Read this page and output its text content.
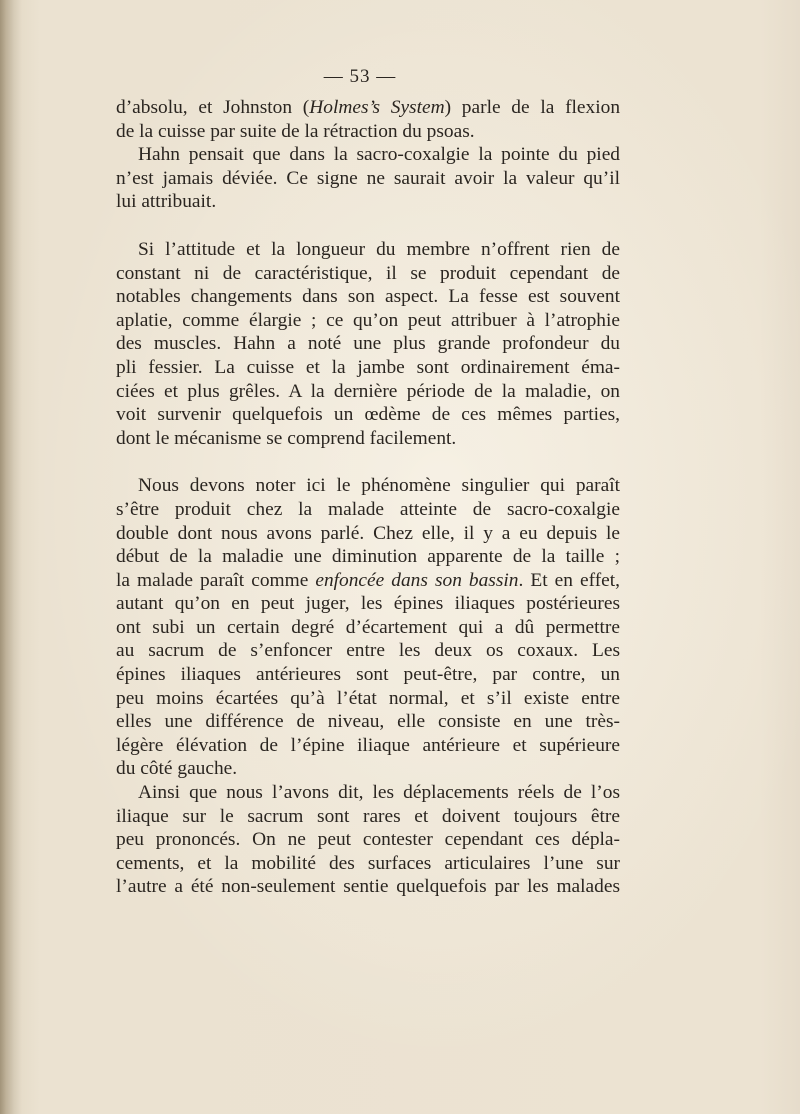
— 53 —
d’absolu, et Johnston (Holmes’s System) parle de la flexion
de la cuisse par suite de la rétraction du psoas.
Hahn pensait que dans la sacro-coxalgie la pointe du pied
n’est jamais déviée. Ce signe ne saurait avoir la valeur qu’il
lui attribuait.
Si l’attitude et la longueur du membre n’offrent rien de
constant ni de caractéristique, il se produit cependant de
notables changements dans son aspect. La fesse est souvent
aplatie, comme élargie ; ce qu’on peut attribuer à l’atrophie
des muscles. Hahn a noté une plus grande profondeur du
pli fessier. La cuisse et la jambe sont ordinairement éma-
ciées et plus grêles. A la dernière période de la maladie, on
voit survenir quelquefois un œdème de ces mêmes parties,
dont le mécanisme se comprend facilement.
Nous devons noter ici le phénomène singulier qui paraît
s’être produit chez la malade atteinte de sacro-coxalgie
double dont nous avons parlé. Chez elle, il y a eu depuis le
début de la maladie une diminution apparente de la taille ;
la malade paraît comme enfoncée dans son bassin. Et en effet,
autant qu’on en peut juger, les épines iliaques postérieures
ont subi un certain degré d’écartement qui a dû permettre
au sacrum de s’enfoncer entre les deux os coxaux. Les
épines iliaques antérieures sont peut-être, par contre, un
peu moins écartées qu’à l’état normal, et s’il existe entre
elles une différence de niveau, elle consiste en une très-
légère élévation de l’épine iliaque antérieure et supérieure
du côté gauche.
Ainsi que nous l’avons dit, les déplacements réels de l’os
iliaque sur le sacrum sont rares et doivent toujours être
peu prononcés. On ne peut contester cependant ces dépla-
cements, et la mobilité des surfaces articulaires l’une sur
l’autre a été non-seulement sentie quelquefois par les malades
